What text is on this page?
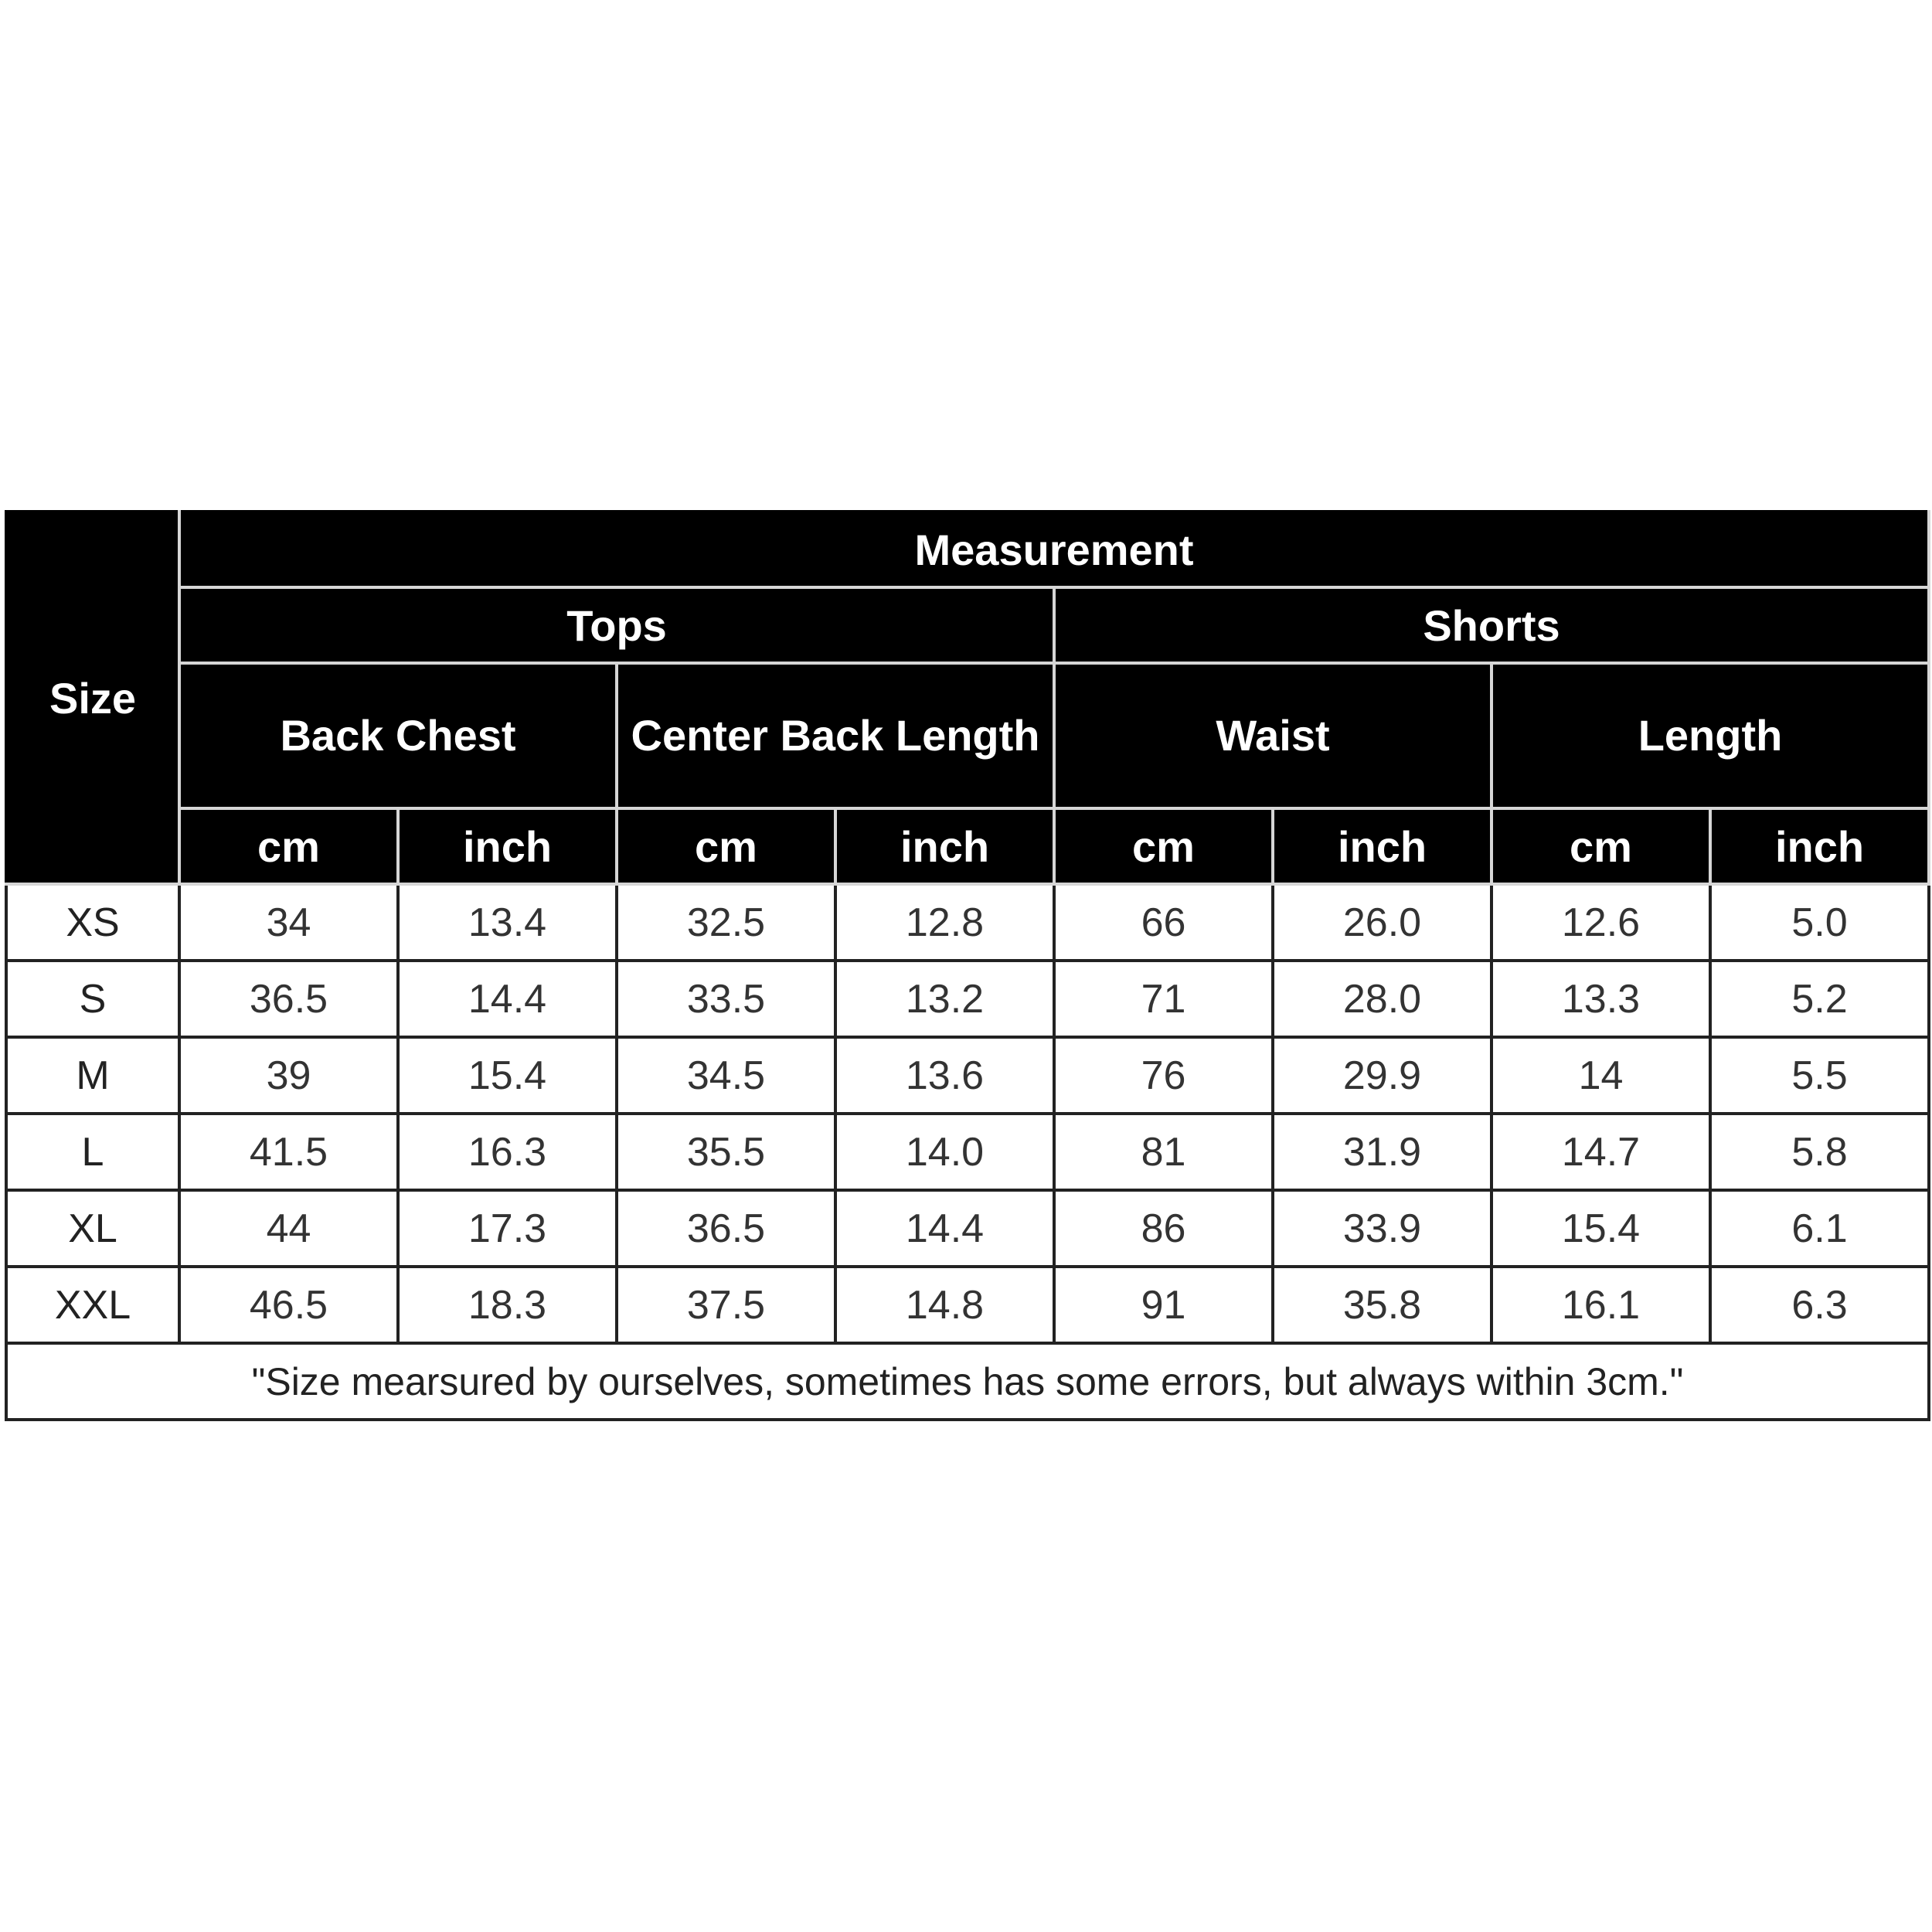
Size	Measurement							
	Tops				Shorts			
	Back Chest		Center Back Length		Waist		Length	
	cm	inch	cm	inch	cm	inch	cm	inch
XS	34	13.4	32.5	12.8	66	26.0	12.6	5.0
S	36.5	14.4	33.5	13.2	71	28.0	13.3	5.2
M	39	15.4	34.5	13.6	76	29.9	14	5.5
L	41.5	16.3	35.5	14.0	81	31.9	14.7	5.8
XL	44	17.3	36.5	14.4	86	33.9	15.4	6.1
XXL	46.5	18.3	37.5	14.8	91	35.8	16.1	6.3
"Size mearsured by ourselves, sometimes has some errors, but always within 3cm."								
